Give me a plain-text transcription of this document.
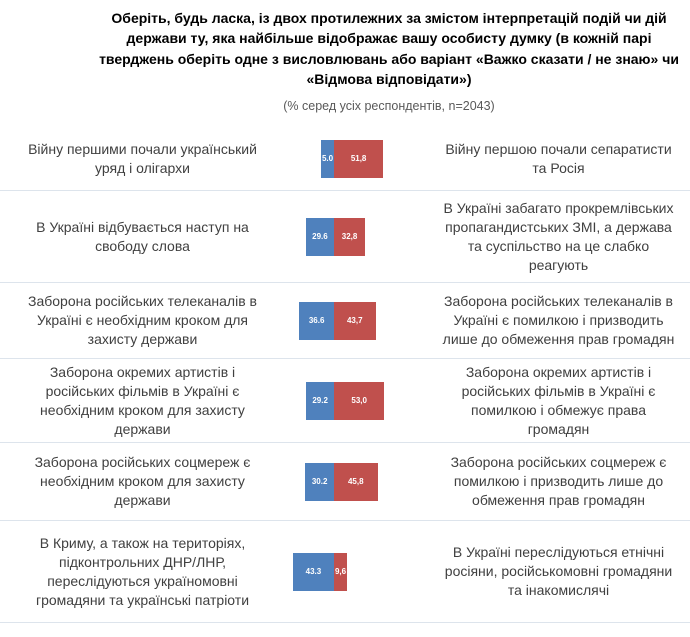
Оберіть, будь ласка, із двох протилежних за змістом інтерпретацій подій чи дій держави ту, яка найбільше відображає вашу особисту думку (в кожній парі тверджень оберіть одне з висловлювань або варіант «Важко сказати / не знаю» чи «Відмова відповідати»)

(% серед усіх респондентів, n=2043)

Війну першими почали український уряд і олігархи
5.0 51,8
Війну першою почали сепаратисти та Росія
В Україні відбувається наступ на свободу слова
29.6 32,8
В Україні забагато прокремлівських пропагандистських ЗМІ, а держава та суспільство на це слабко реагують
Заборона російських телеканалів в Україні є необхідним кроком для захисту держави
36.6	43,7
Заборона російських телеканалів в Україні є помилкою і призводить лише до обмеження прав громадян
Заборона окремих артистів і російських фільмів в Україні є необхідним кроком для захисту держави
29.2	53,0
Заборона окремих артистів і російських фільмів в Україні є помилкою і обмежує права громадян
Заборона російських соцмереж є необхідним кроком для захисту держави
30.2	45,8
Заборона російських соцмереж є помилкою і призводить лише до обмеження прав громадян
В Криму, а також на територіях, підконтрольних ДНР/ЛНР, переслідуються україномовні громадяни та українські патріоти
43.3 9,6
В Україні переслідуються етнічні росіяни, російськомовні громадяни та інакомислячі
